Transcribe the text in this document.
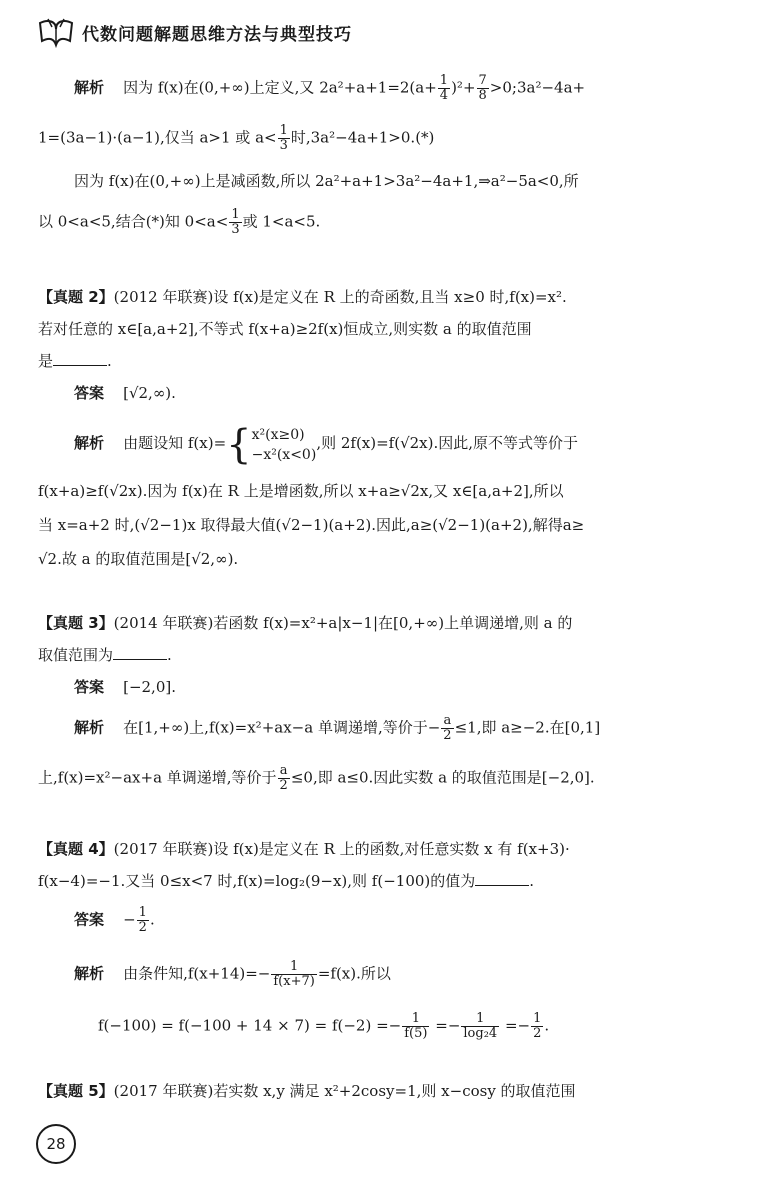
代数问题解题思维方法与典型技巧
解析 因为 f(x)在(0,+∞)上定义,又 $2a^2+a+1=2(a+ \frac{1}{4} )^2+ \frac{7}{8}$ >0;3a²−4a+
1=(3a−1)·(a−1),仅当 a>1 或 $a< \frac{1}{3}$ 时,3a²−4a+1>0.(*)
因为 f(x)在(0,+∞)上是减函数,所以 2a²+a+1>3a²−4a+1,⇒a²−5a<0,所
以 0<a<5,结合(*)知 $0<a< \frac{1}{3}$ 或 1<a<5.
【真题 2】(2012 年联赛)设 f(x)是定义在 R 上的奇函数,且当 x≥0 时,f(x)=x².
若对任意的 x∈[a,a+2],不等式 f(x+a)≥2f(x)恒成立,则实数 a 的取值范围
是	.
答案 [√2,∞).
解析 由题设知 f(x)={ x²(x≥0)
−x²(x<0)
,则 2f(x)=f(√2x).因此,原不等式等价于
f(x+a)≥f(√2x).因为 f(x)在 R 上是增函数,所以 x+a≥√2x,又 x∈[a,a+2],所以
当 x=a+2 时,(√2−1)x 取得最大值(√2−1)(a+2).因此,a≥(√2−1)(a+2),解得a≥
√2.故 a 的取值范围是[√2,∞).
【真题 3】(2014 年联赛)若函数 f(x)=x²+a|x−1|在[0,+∞)上单调递增,则 a 的
取值范围为	.
答案 [−2,0].
解析 在[1,+∞)上,f(x)=x²+ax−a 单调递增,等价于− $\frac{a}{2} \le 1$,即 a≥−2.在[0,1]
上,f(x)=x²−ax+a 单调递增,等价于 $\frac{a}{2} \le 0$,即 a≤0.因此实数 a 的取值范围是[−2,0].
【真题 4】(2017 年联赛)设 f(x)是定义在 R 上的函数,对任意实数 x 有 f(x+3)·
f(x−4)=−1.又当 0≤x<7 时,f(x)=log₂(9−x),则 f(−100)的值为	.
答案 − $\frac{1}{2}$ .
解析 由条件知$,f(x+14)=- \frac{1}{f(x+7)} =f(x)$.所以
$f(-100) = f(-100 + 14 \times 7) = f(-2) =- \frac{1}{f(5)} =- \frac{1}{\text{log₂4}} =- \frac{1}{2}$ .
【真题 5】(2017 年联赛)若实数 x,y 满足 x²+2cosy=1,则 x−cosy 的取值范围
28
